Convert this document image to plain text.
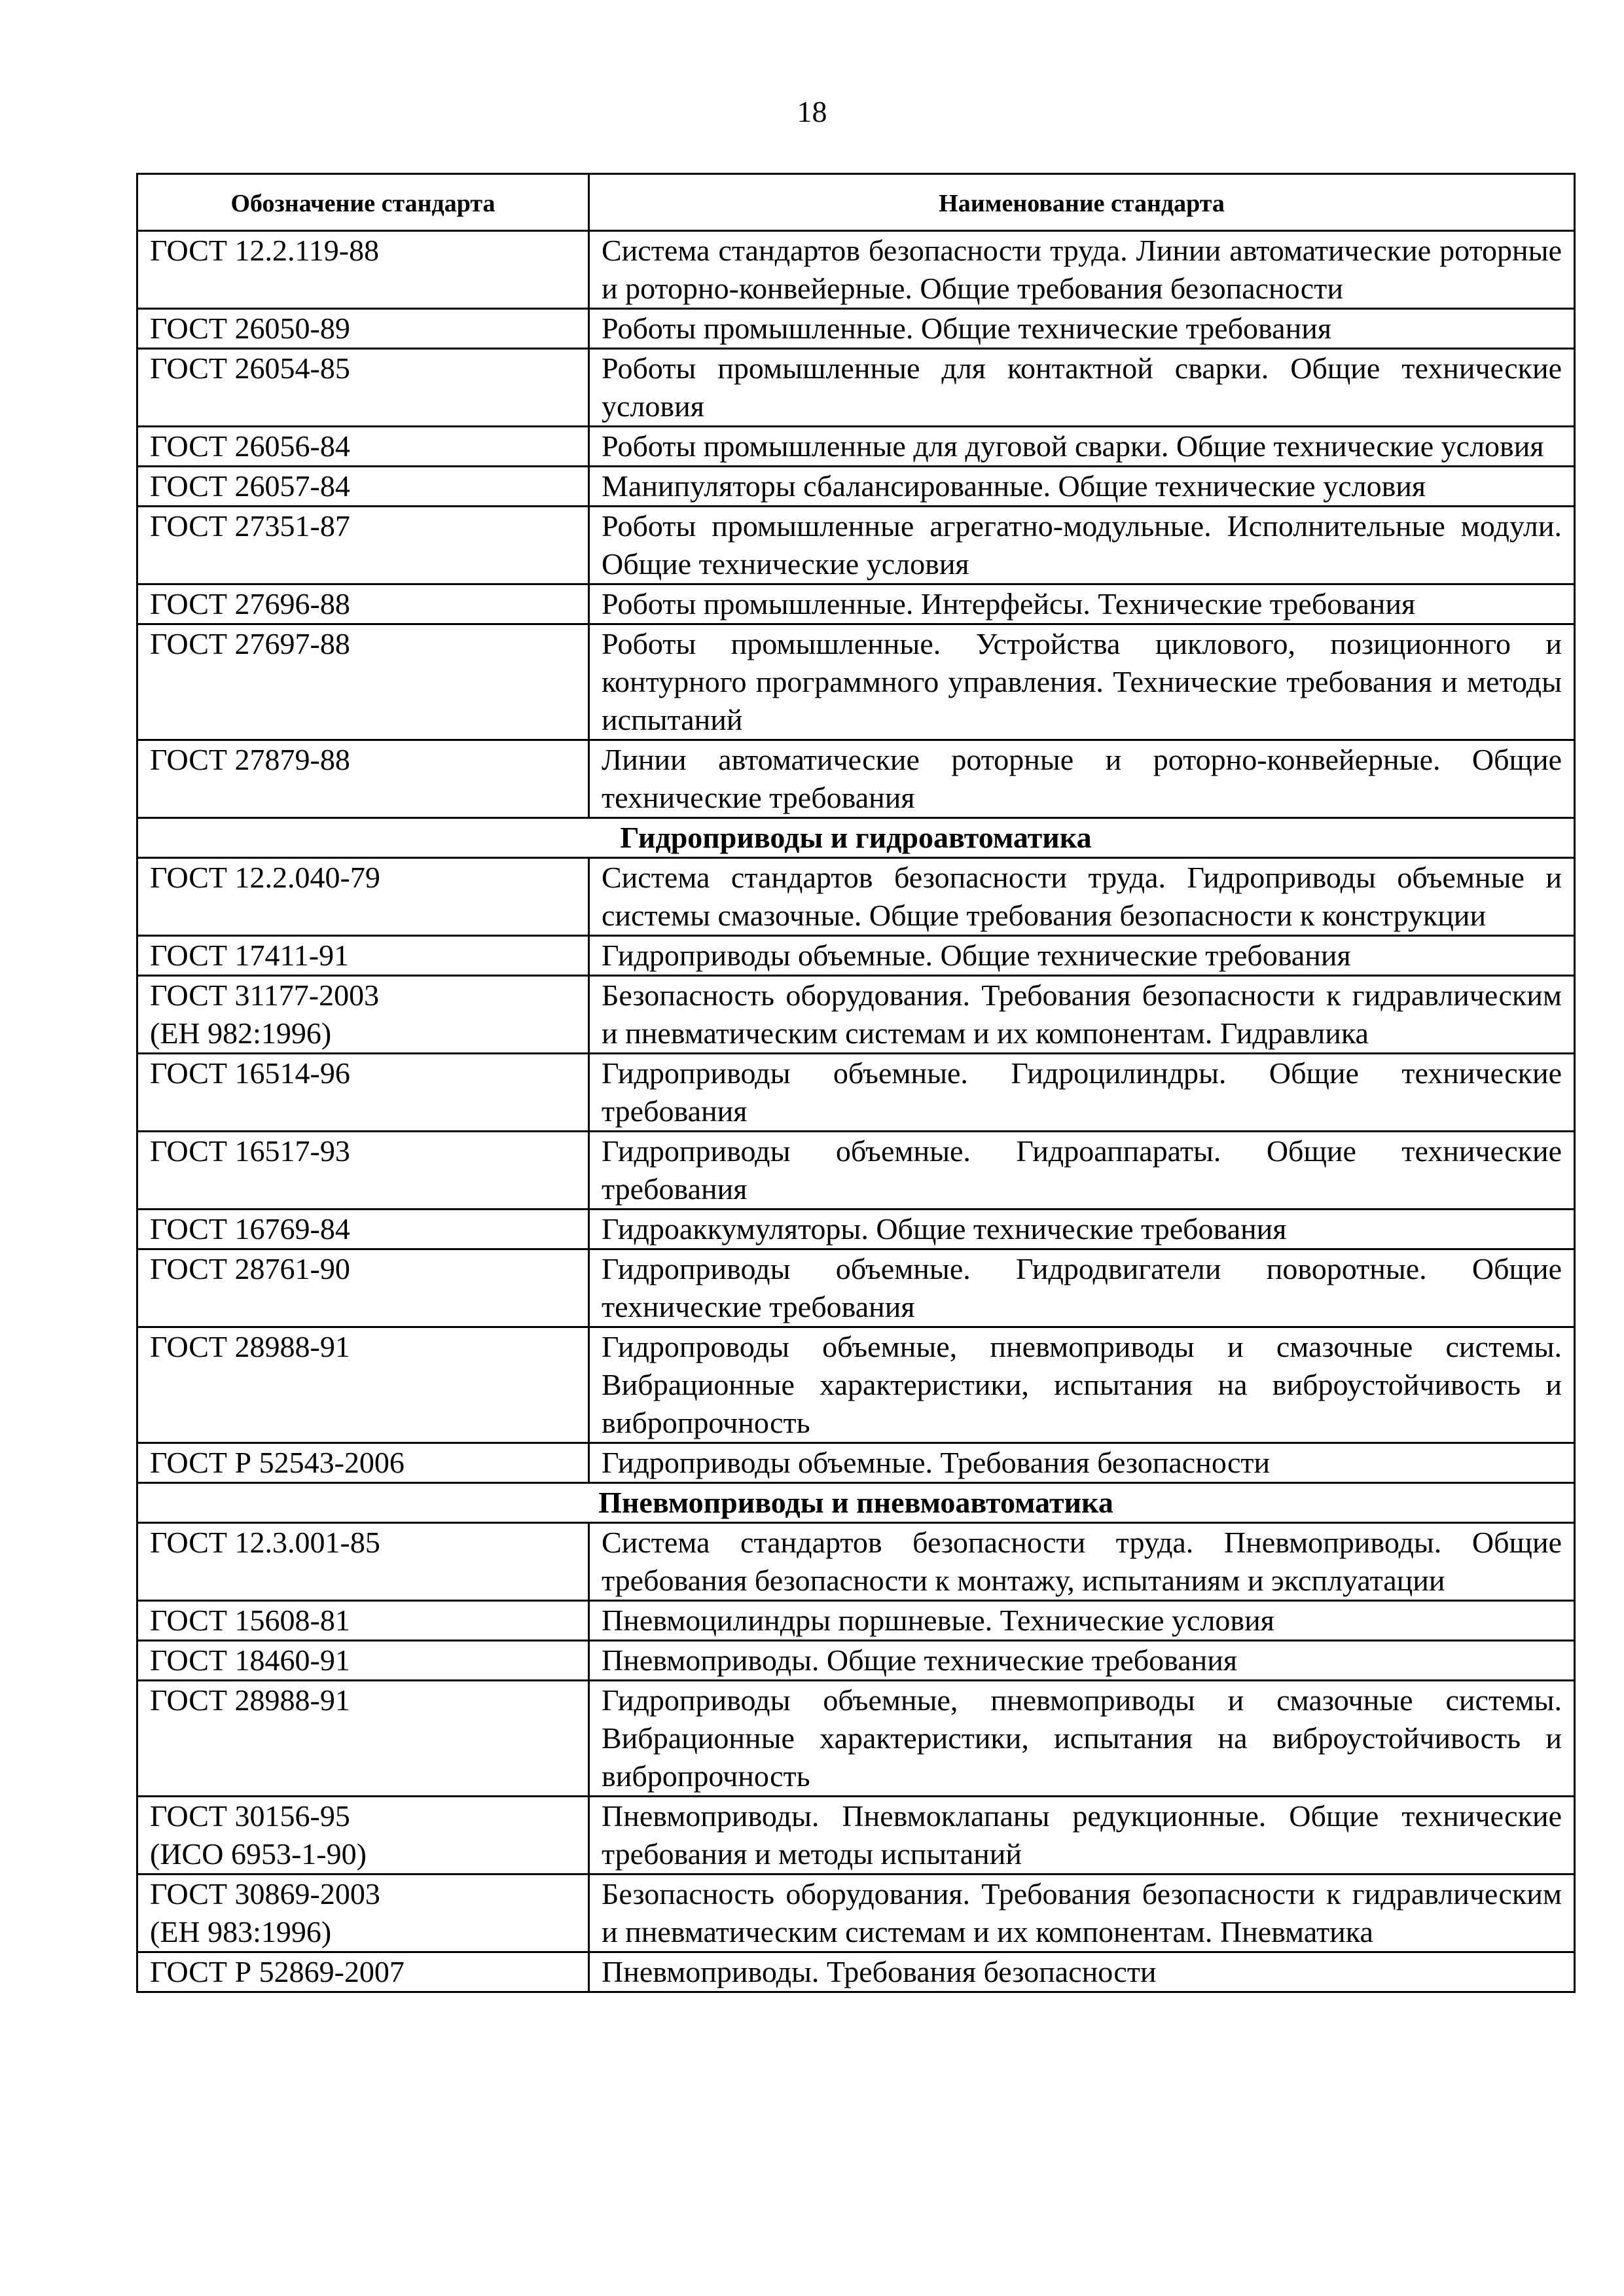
18
Обозначение стандарта	Наименование стандарта

ГОСТ 12.2.119-88	Система стандартов безопасности труда. Линии автоматические роторные и роторно-конвейерные. Общие требования безопасности

ГОСТ 26050-89	Роботы промышленные. Общие технические требования

ГОСТ 26054-85	Роботы промышленные для контактной сварки. Общие технические условия

ГОСТ 26056-84	Роботы промышленные для дуговой сварки. Общие технические условия

ГОСТ 26057-84	Манипуляторы сбалансированные. Общие технические условия

ГОСТ 27351-87	Роботы промышленные агрегатно-модульные. Исполнительные модули. Общие технические условия

ГОСТ 27696-88	Роботы промышленные. Интерфейсы. Технические требования

ГОСТ 27697-88	Роботы промышленные. Устройства циклового, позиционного и контурного программного управления. Технические требования и методы испытаний

ГОСТ 27879-88	Линии автоматические роторные и роторно-конвейерные. Общие технические требования
Гидроприводы и гидроавтоматика	

ГОСТ 12.2.040-79	Система стандартов безопасности труда. Гидроприводы объемные и системы смазочные. Общие требования безопасности к конструкции

ГОСТ 17411-91	Гидроприводы объемные. Общие технические требования

ГОСТ 31177-2003
(ЕН 982:1996)	Безопасность оборудования. Требования безопасности к гидравлическим и пневматическим системам и их компонентам. Гидравлика

ГОСТ 16514-96	Гидроприводы объемные. Гидроцилиндры. Общие технические требования

ГОСТ 16517-93	Гидроприводы объемные. Гидроаппараты. Общие технические требования

ГОСТ 16769-84	Гидроаккумуляторы. Общие технические требования

ГОСТ 28761-90	Гидроприводы объемные. Гидродвигатели поворотные. Общие технические требования

ГОСТ 28988-91	Гидропроводы объемные, пневмоприводы и смазочные системы. Вибрационные характеристики, испытания на виброустойчивость и вибропрочность

ГОСТ Р 52543-2006	Гидроприводы объемные. Требования безопасности
Пневмоприводы и пневмоавтоматика	

ГОСТ 12.3.001-85	Система стандартов безопасности труда. Пневмоприводы. Общие требования безопасности к монтажу, испытаниям и эксплуатации

ГОСТ 15608-81	Пневмоцилиндры поршневые. Технические условия

ГОСТ 18460-91	Пневмоприводы. Общие технические требования

ГОСТ 28988-91	Гидроприводы объемные, пневмоприводы и смазочные системы. Вибрационные характеристики, испытания на виброустойчивость и вибропрочность

ГОСТ 30156-95
(ИСО 6953-1-90)	Пневмоприводы. Пневмоклапаны редукционные. Общие технические требования и методы испытаний

ГОСТ 30869-2003
(ЕН 983:1996)	Безопасность оборудования. Требования безопасности к гидравлическим и пневматическим системам и их компонентам. Пневматика

ГОСТ Р 52869-2007	Пневмоприводы. Требования безопасности
